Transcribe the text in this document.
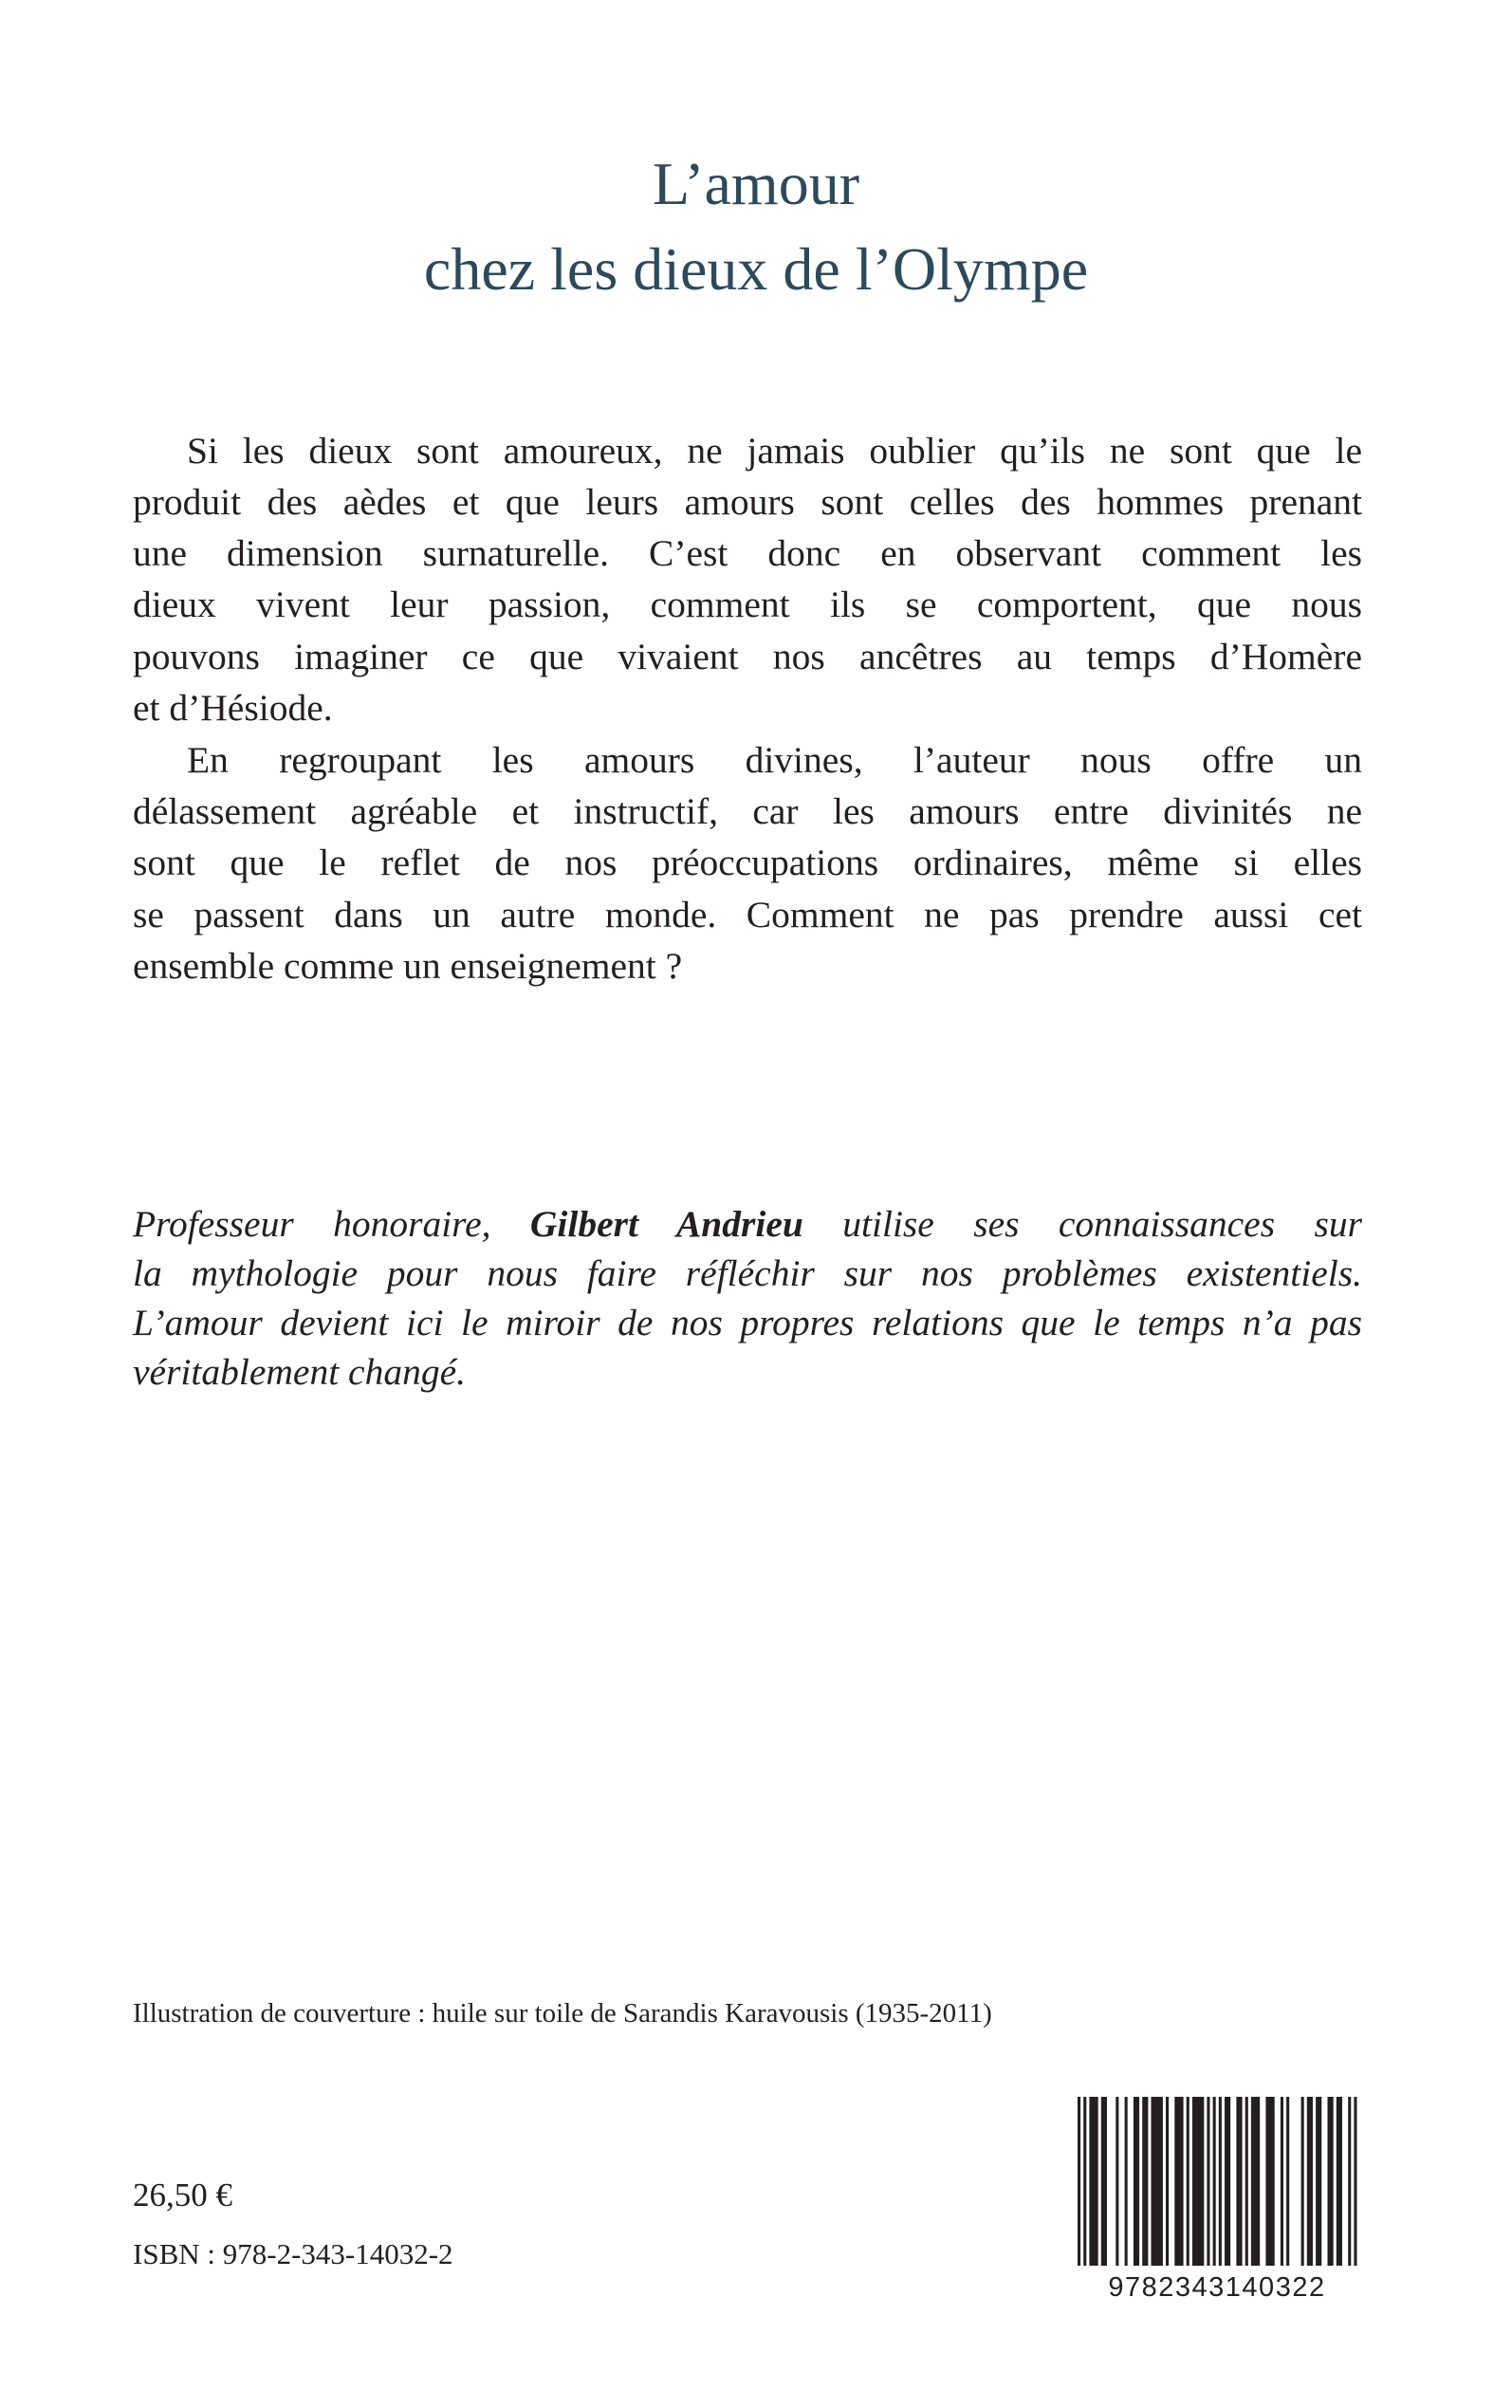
L’amour
chez les dieux de l’Olympe

Si les dieux sont amoureux, ne jamais oublier qu’ils ne sont que le

produit des aèdes et que leurs amours sont celles des hommes prenant

une dimension surnaturelle. C’est donc en observant comment les

dieux vivent leur passion, comment ils se comportent, que nous

pouvons imaginer ce que vivaient nos ancêtres au temps d’Homère

et d’Hésiode.

En regroupant les amours divines, l’auteur nous offre un

délassement agréable et instructif, car les amours entre divinités ne

sont que le reflet de nos préoccupations ordinaires, même si elles

se passent dans un autre monde. Comment ne pas prendre aussi cet

ensemble comme un enseignement ?

Professeur honoraire, Gilbert Andrieu utilise ses connaissances sur

la mythologie pour nous faire réfléchir sur nos problèmes existentiels.

L’amour devient ici le miroir de nos propres relations que le temps n’a pas

véritablement changé.

Illustration de couverture : huile sur toile de Sarandis Karavousis (1935-2011)

26,50 €

ISBN : 978-2-343-14032-2

9782343140322
